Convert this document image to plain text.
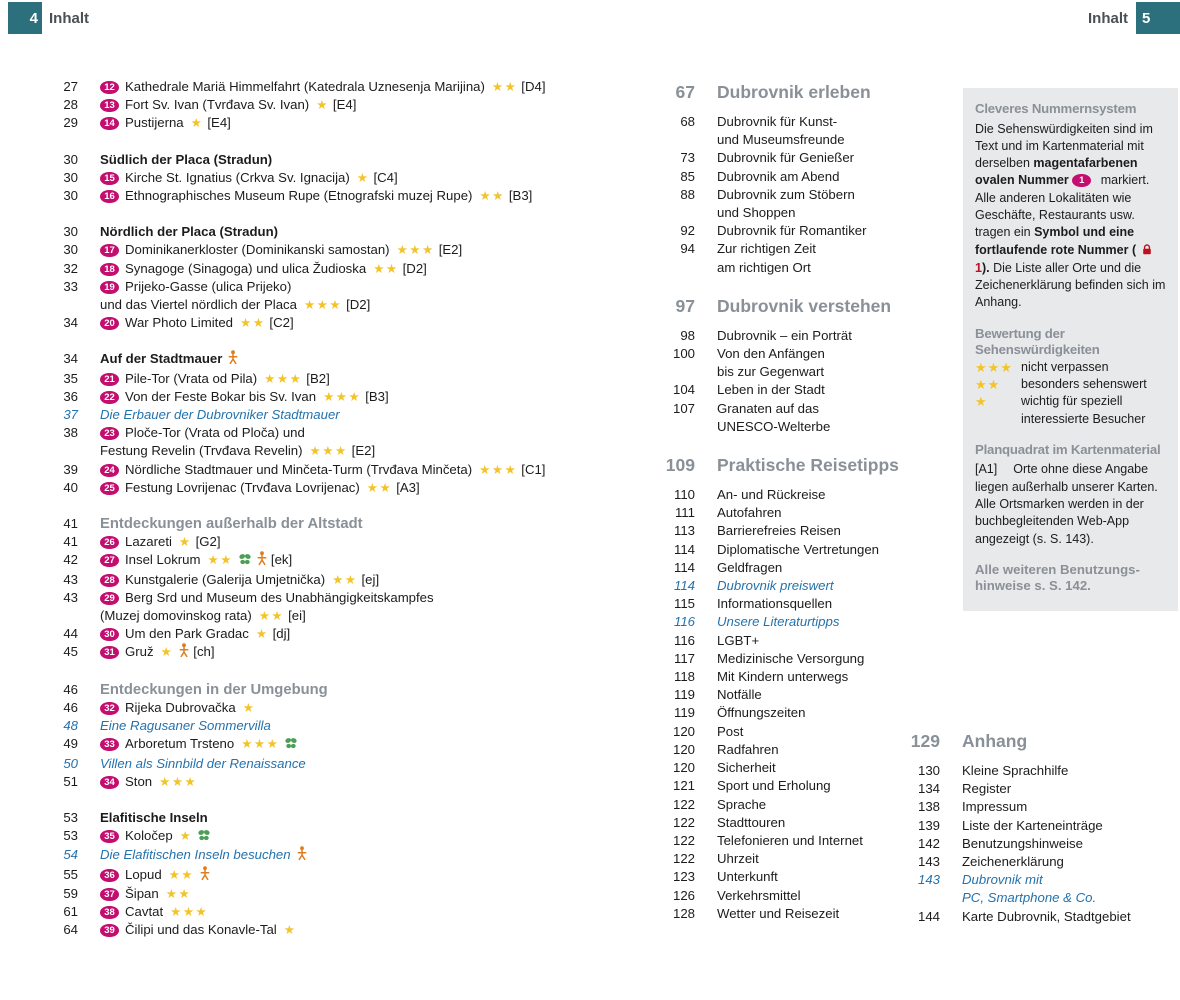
4 Inhalt	Inhalt 5
27	12 Kathedrale Mariä Himmelfahrt (Katedrala Uznesenja Marijina) ★★ [D4]
28	13 Fort Sv. Ivan (Tvrđava Sv. Ivan) ★ [E4]
29	14 Pustijerna ★ [E4]
30 Südlich der Placa (Stradun)
30	15 Kirche St. Ignatius (Crkva Sv. Ignacija) ★ [C4]
30	16 Ethnographisches Museum Rupe (Etnografski muzej Rupe) ★★ [B3]
30 Nördlich der Placa (Stradun)
30	17 Dominikanerkloster (Dominikanski samostan) ★★★ [E2]
32	18 Synagoge (Sinagoga) und ulica Žudioska ★★ [D2]
33	19 Prijeko-Gasse (ulica Prijeko)
und das Viertel nördlich der Placa ★★★ [D2]
34	20 War Photo Limited ★★ [C2]
34 Auf der Stadtmauer
35	21 Pile-Tor (Vrata od Pila) ★★★ [B2]
36	22 Von der Feste Bokar bis Sv. Ivan ★★★ [B3]
37 Die Erbauer der Dubrovniker Stadtmauer
38	23 Ploče-Tor (Vrata od Ploča) und
Festung Revelin (Trvđava Revelin) ★★★ [E2]
39	24 Nördliche Stadtmauer und Minčeta-Turm (Trvđava Minčeta) ★★★ [C1]
40	25 Festung Lovrijenac (Trvđava Lovrijenac) ★★ [A3]
41 Entdeckungen außerhalb der Altstadt
41	26 Lazareti ★ [G2]
42	27 Insel Lokrum ★★	[ek]
43	28 Kunstgalerie (Galerija Umjetnička) ★★ [ej]
43	29 Berg Srd und Museum des Unabhängigkeitskampfes
(Muzej domovinskog rata) ★★ [ei]
44	30 Um den Park Gradac ★ [dj]
45	31 Gruž ★ [ch]
46 Entdeckungen in der Umgebung
46	32 Rijeka Dubrovačka ★
48 Eine Ragusaner Sommervilla
49	33 Arboretum Trsteno ★★★
50 Villen als Sinnbild der Renaissance
51	34 Ston ★★★
53 Elafitische Inseln
53	35 Koločep ★
54 Die Elafitischen Inseln besuchen
55	36 Lopud ★★
59	37 Šipan ★★
61	38 Cavtat ★★★
64	39 Čilipi und das Konavle-Tal ★
67 Dubrovnik erleben
68 Dubrovnik für Kunst-
und Museumsfreunde
73 Dubrovnik für Genießer
85 Dubrovnik am Abend
88 Dubrovnik zum Stöbern
und Shoppen
92 Dubrovnik für Romantiker
94 Zur richtigen Zeit
am richtigen Ort
97 Dubrovnik verstehen
98 Dubrovnik – ein Porträt
100 Von den Anfängen
bis zur Gegenwart
104 Leben in der Stadt
107 Granaten auf das
UNESCO-Welterbe
109 Praktische Reisetipps
110 An- und Rückreise
111 Autofahren
113 Barrierefreies Reisen
114 Diplomatische Vertretungen
114 Geldfragen
114 Dubrovnik preiswert
115 Informationsquellen
116 Unsere Literaturtipps
116 LGBT+
117 Medizinische Versorgung
118 Mit Kindern unterwegs
119 Notfälle
119 Öffnungszeiten
120 Post
120 Radfahren
120 Sicherheit
121 Sport und Erholung
122 Sprache
122 Stadttouren
122 Telefonieren und Internet
122 Uhrzeit
123 Unterkunft
126 Verkehrsmittel
128 Wetter und Reisezeit
129 Anhang
130 Kleine Sprachhilfe
134 Register
138 Impressum
139 Liste der Karteneinträge
142 Benutzungshinweise
143 Zeichenerklärung
143 Dubrovnik mit
PC, Smartphone & Co.
144 Karte Dubrovnik, Stadtgebiet
Cleveres Nummernsystem

Die Sehenswürdigkeiten sind im Text und im Kartenmaterial mit derselben magentafarbenen ovalen Nummer 1 markiert. Alle anderen Lokalitäten wie Geschäfte, Restaurants usw. tragen ein Symbol und eine fortlaufende rote Nummer (1). Die Liste aller Orte und die Zeichenerklärung befinden sich im Anhang.

Bewertung der Sehenswürdigkeiten
★★★ nicht verpassen
★★	besonders sehenswert
★	wichtig für speziell interessierte Besucher
Planquadrat im Kartenmaterial

[A1] Orte ohne diese Angabe liegen außerhalb unserer Karten. Alle Ortsmarken werden in der buchbegleitenden Web-App angezeigt (s. S. 143).

Alle weiteren Benutzungs-
hinweise s. S. 142.
